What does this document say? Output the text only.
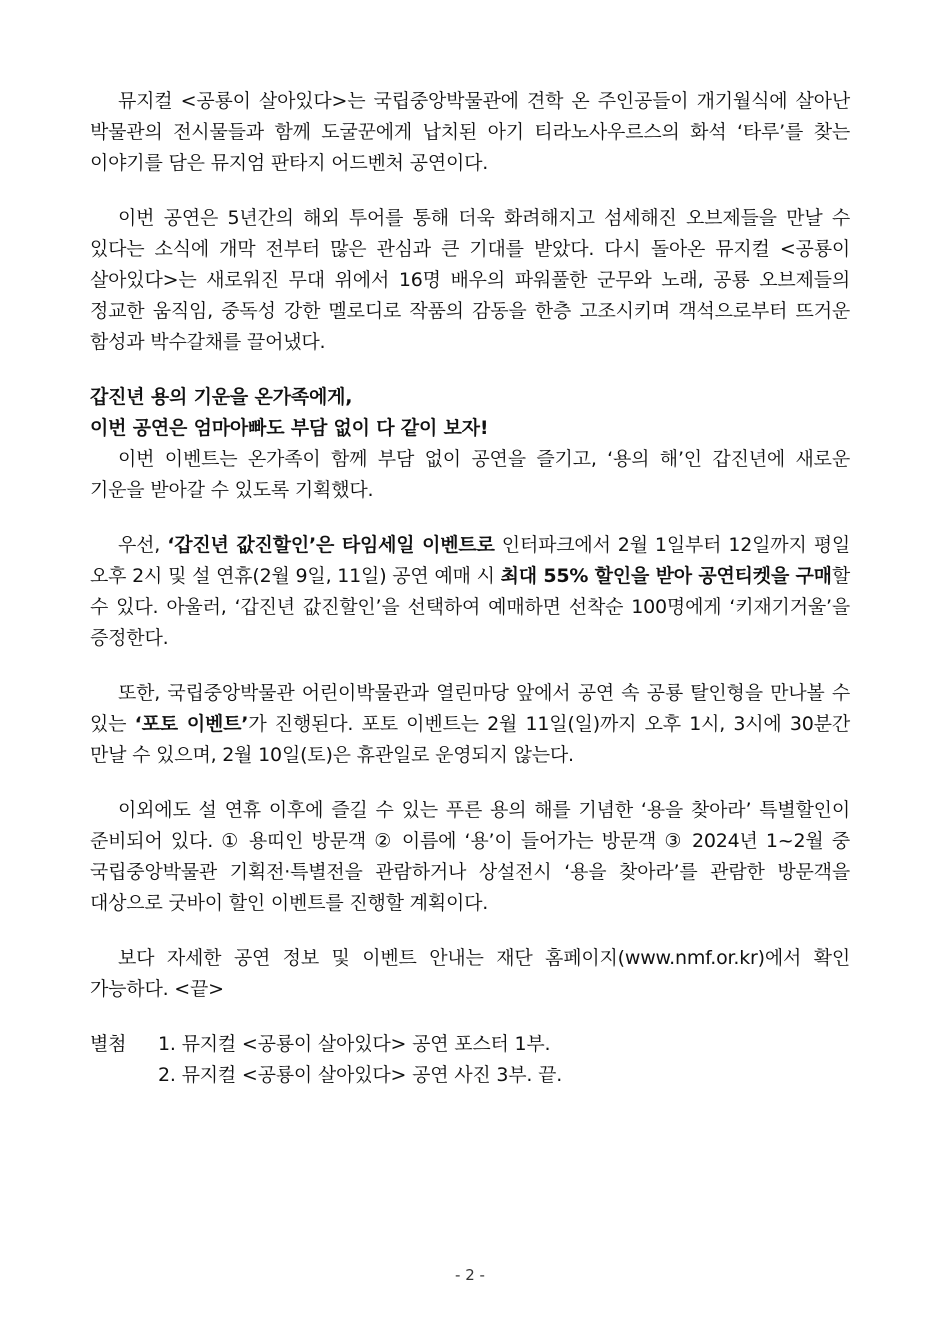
뮤지컬 <공룡이 살아있다>는 국립중앙박물관에 견학 온 주인공들이 개기월식에 살아난 박물관의 전시물들과 함께 도굴꾼에게 납치된 아기 티라노사우르스의 화석 ‘타루’를 찾는 이야기를 담은 뮤지엄 판타지 어드벤처 공연이다.

이번 공연은 5년간의 해외 투어를 통해 더욱 화려해지고 섬세해진 오브제들을 만날 수 있다는 소식에 개막 전부터 많은 관심과 큰 기대를 받았다. 다시 돌아온 뮤지컬 <공룡이 살아있다>는 새로워진 무대 위에서 16명 배우의 파워풀한 군무와 노래, 공룡 오브제들의 정교한 움직임, 중독성 강한 멜로디로 작품의 감동을 한층 고조시키며 객석으로부터 뜨거운 함성과 박수갈채를 끌어냈다.

갑진년 용의 기운을 온가족에게,

이번 공연은 엄마아빠도 부담 없이 다 같이 보자!

이번 이벤트는 온가족이 함께 부담 없이 공연을 즐기고, ‘용의 해’인 갑진년에 새로운 기운을 받아갈 수 있도록 기획했다.

우선, ‘갑진년 값진할인’은 타임세일 이벤트로 인터파크에서 2월 1일부터 12일까지 평일 오후 2시 및 설 연휴(2월 9일, 11일) 공연 예매 시 최대 55% 할인을 받아 공연티켓을 구매할 수 있다. 아울러, ‘갑진년 값진할인’을 선택하여 예매하면 선착순 100명에게 ‘키재기거울’을 증정한다.

또한, 국립중앙박물관 어린이박물관과 열린마당 앞에서 공연 속 공룡 탈인형을 만나볼 수 있는 ‘포토 이벤트’가 진행된다. 포토 이벤트는 2월 11일(일)까지 오후 1시, 3시에 30분간 만날 수 있으며, 2월 10일(토)은 휴관일로 운영되지 않는다.

이외에도 설 연휴 이후에 즐길 수 있는 푸른 용의 해를 기념한 ‘용을 찾아라’ 특별할인이 준비되어 있다. ① 용띠인 방문객 ② 이름에 ‘용’이 들어가는 방문객 ③ 2024년 1~2월 중 국립중앙박물관 기획전·특별전을 관람하거나 상설전시 ‘용을 찾아라’를 관람한 방문객을 대상으로 굿바이 할인 이벤트를 진행할 계획이다.

보다 자세한 공연 정보 및 이벤트 안내는 재단 홈페이지(www.nmf.or.kr)에서 확인 가능하다. <끝>

별첨	1. 뮤지컬 <공룡이 살아있다> 공연 포스터 1부.
2. 뮤지컬 <공룡이 살아있다> 공연 사진 3부. 끝.
- 2 -
